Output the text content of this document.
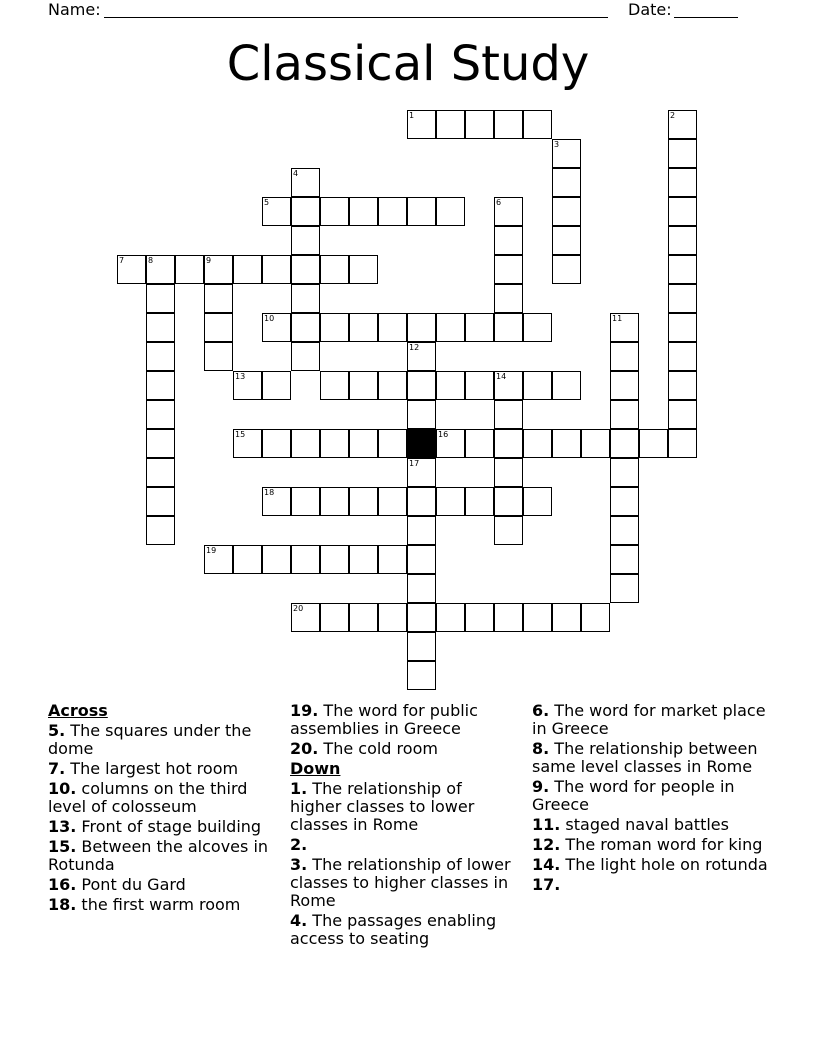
Name:

	Date:

Classical Study
1	2
3
4
5	6
7	8	9
10	11
12
13	14
15	16
17
18
19
20
Across
5. The squares under the dome
7. The largest hot room
10. columns on the third level of colosseum
13. Front of stage building
15. Between the alcoves in Rotunda
16. Pont du Gard
18. the first warm room
19. The word for public assemblies in Greece
20. The cold room
Down
1. The relationship of higher classes to lower classes in Rome
2.
3. The relationship of lower classes to higher classes in Rome
4. The passages enabling access to seating
6. The word for market place in Greece
8. The relationship between same level classes in Rome
9. The word for people in Greece
11. staged naval battles
12. The roman word for king
14. The light hole on rotunda
17.
